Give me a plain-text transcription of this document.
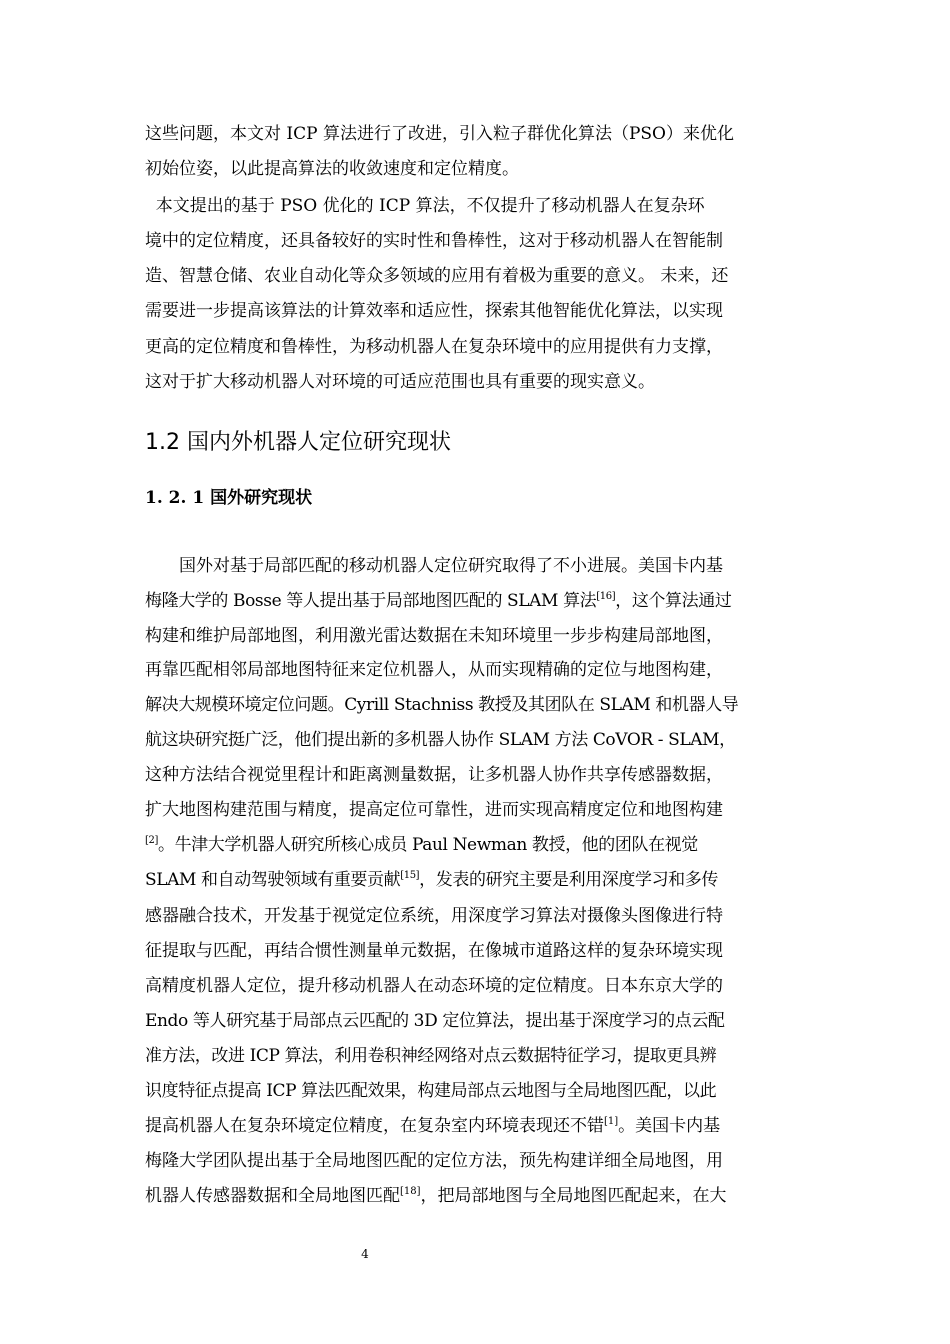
这些问题，本文对 ICP 算法进行了改进，引入粒子群优化算法（PSO）来优化
初始位姿，以此提高算法的收敛速度和定位精度。
本文提出的基于 PSO 优化的 ICP 算法，不仅提升了移动机器人在复杂环
境中的定位精度，还具备较好的实时性和鲁棒性，这对于移动机器人在智能制
造、智慧仓储、农业自动化等众多领域的应用有着极为重要的意义。 未来，还
需要进一步提高该算法的计算效率和适应性，探索其他智能优化算法，以实现
更高的定位精度和鲁棒性，为移动机器人在复杂环境中的应用提供有力支撑，
这对于扩大移动机器人对环境的可适应范围也具有重要的现实意义。
1.2 国内外机器人定位研究现状
1. 2. 1 国外研究现状
国外对基于局部匹配的移动机器人定位研究取得了不小进展。美国卡内基
梅隆大学的 Bosse 等人提出基于局部地图匹配的 SLAM 算法[16]，这个算法通过
构建和维护局部地图，利用激光雷达数据在未知环境里一步步构建局部地图，
再靠匹配相邻局部地图特征来定位机器人，从而实现精确的定位与地图构建，
解决大规模环境定位问题。Cyrill Stachniss 教授及其团队在 SLAM 和机器人导
航这块研究挺广泛，他们提出新的多机器人协作 SLAM 方法 CoVOR - SLAM，
这种方法结合视觉里程计和距离测量数据，让多机器人协作共享传感器数据，
扩大地图构建范围与精度，提高定位可靠性，进而实现高精度定位和地图构建
[2]。牛津大学机器人研究所核心成员 Paul Newman 教授，他的团队在视觉
SLAM 和自动驾驶领域有重要贡献[15]，发表的研究主要是利用深度学习和多传
感器融合技术，开发基于视觉定位系统，用深度学习算法对摄像头图像进行特
征提取与匹配，再结合惯性测量单元数据，在像城市道路这样的复杂环境实现
高精度机器人定位，提升移动机器人在动态环境的定位精度。日本东京大学的
Endo 等人研究基于局部点云匹配的 3D 定位算法，提出基于深度学习的点云配
准方法，改进 ICP 算法，利用卷积神经网络对点云数据特征学习，提取更具辨
识度特征点提高 ICP 算法匹配效果，构建局部点云地图与全局地图匹配，以此
提高机器人在复杂环境定位精度，在复杂室内环境表现还不错[1]。美国卡内基
梅隆大学团队提出基于全局地图匹配的定位方法，预先构建详细全局地图，用
机器人传感器数据和全局地图匹配[18]，把局部地图与全局地图匹配起来，在大
4
